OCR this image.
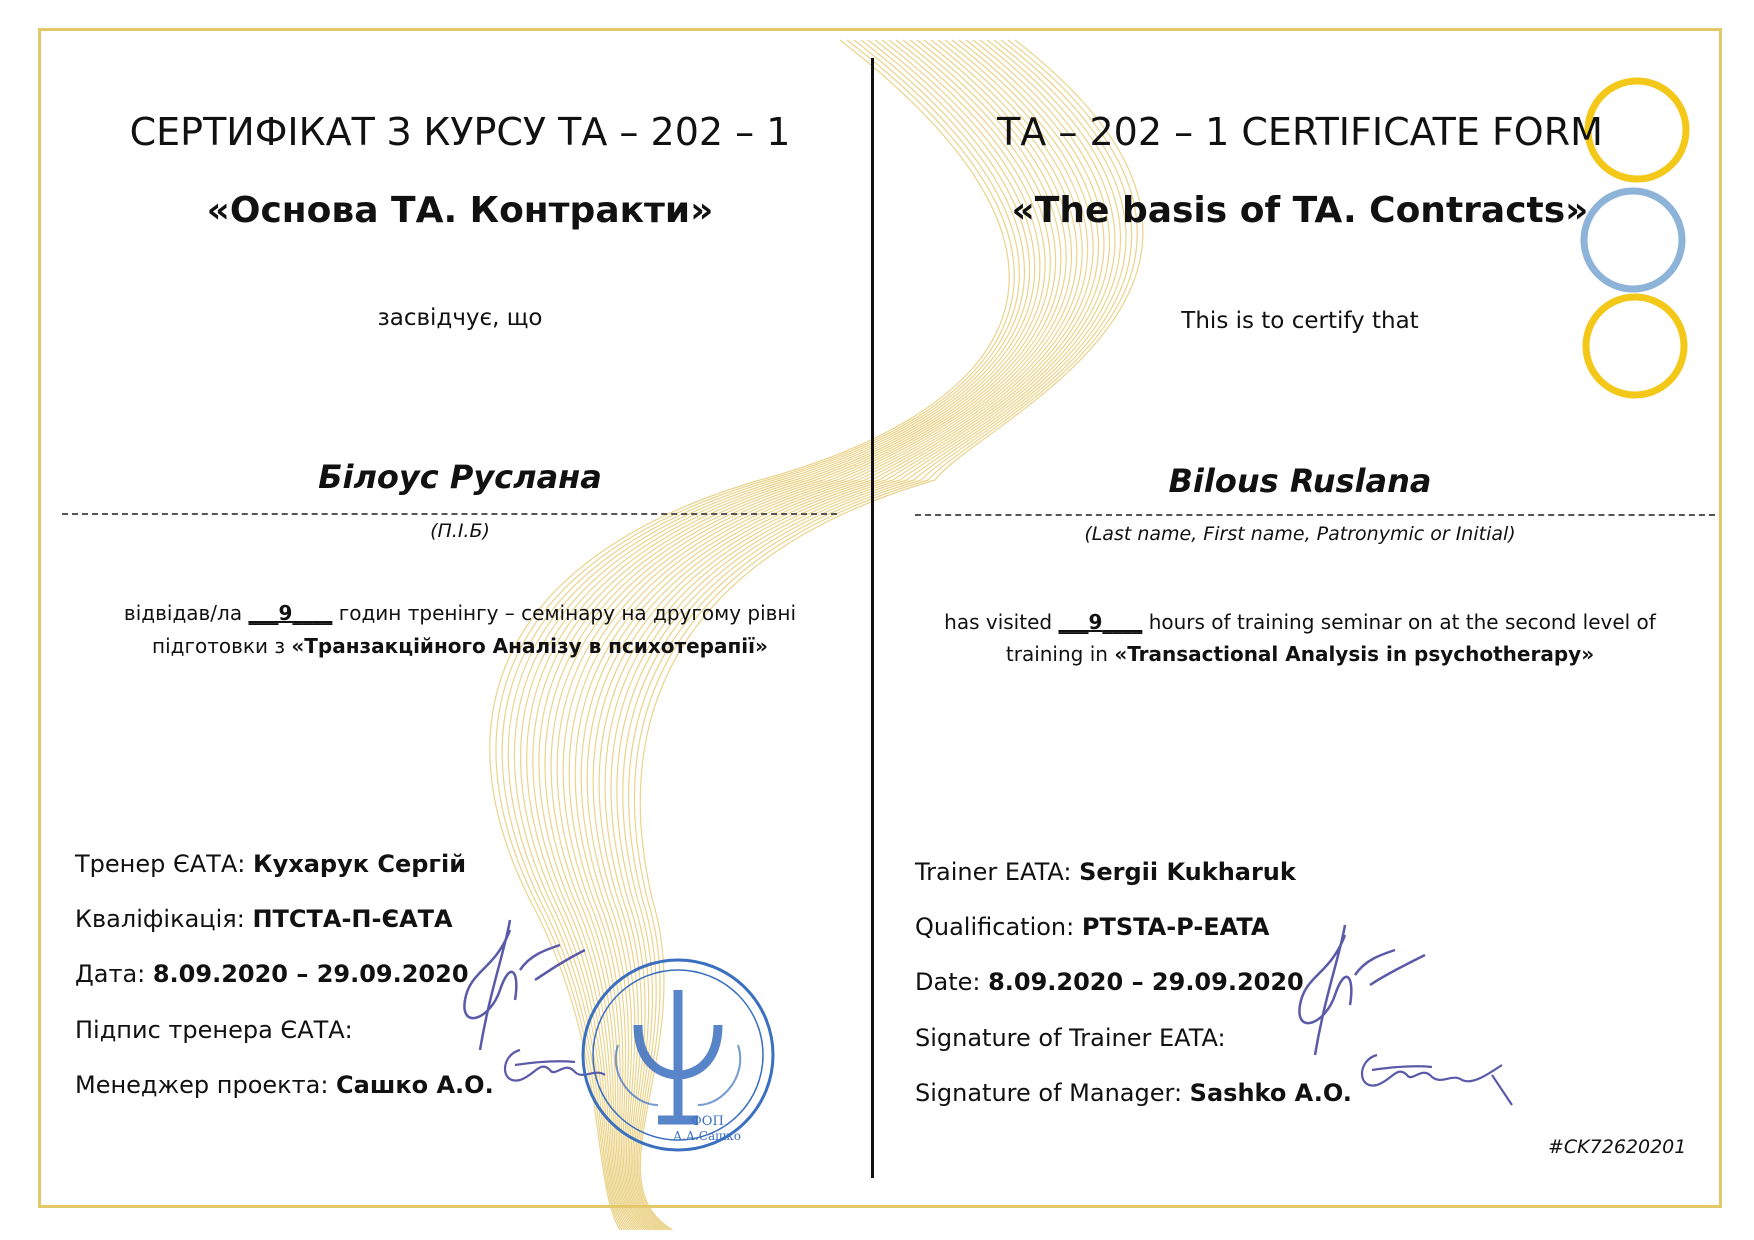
СЕРТИФІКАТ З КУРСУ ТА – 202 – 1
«Основа ТА. Контракти»
засвідчує, що
Білоус Руслана
(П.І.Б)
відвідав/ла ___9____ годин тренінгу – семінару на другому рівні
підготовки з «Транзакційного Аналізу в психотерапії»
Тренер ЄАТА: Кухарук Сергій
Кваліфікація: ПТСТА-П-ЄАТА
Дата: 8.09.2020 – 29.09.2020
Підпис тренера ЄАТА:
Менеджер проекта: Сашко А.О.
ФОП
А.А.Сашко
ТА – 202 – 1 CERTIFICATE FORM
«The basis of TA. Contracts»
This is to certify that
Bilous Ruslana
(Last name, First name, Patronymic or Initial)
has visited ___9____ hours of training seminar on at the second level of
training in «Transactional Analysis in psychotherapy»
Trainer EATA: Sergii Kukharuk
Qualification: PTSTA-P-EATA
Date: 8.09.2020 – 29.09.2020
Signature of Trainer EATA:
Signature of Manager: Sashko A.O.
#CK72620201
